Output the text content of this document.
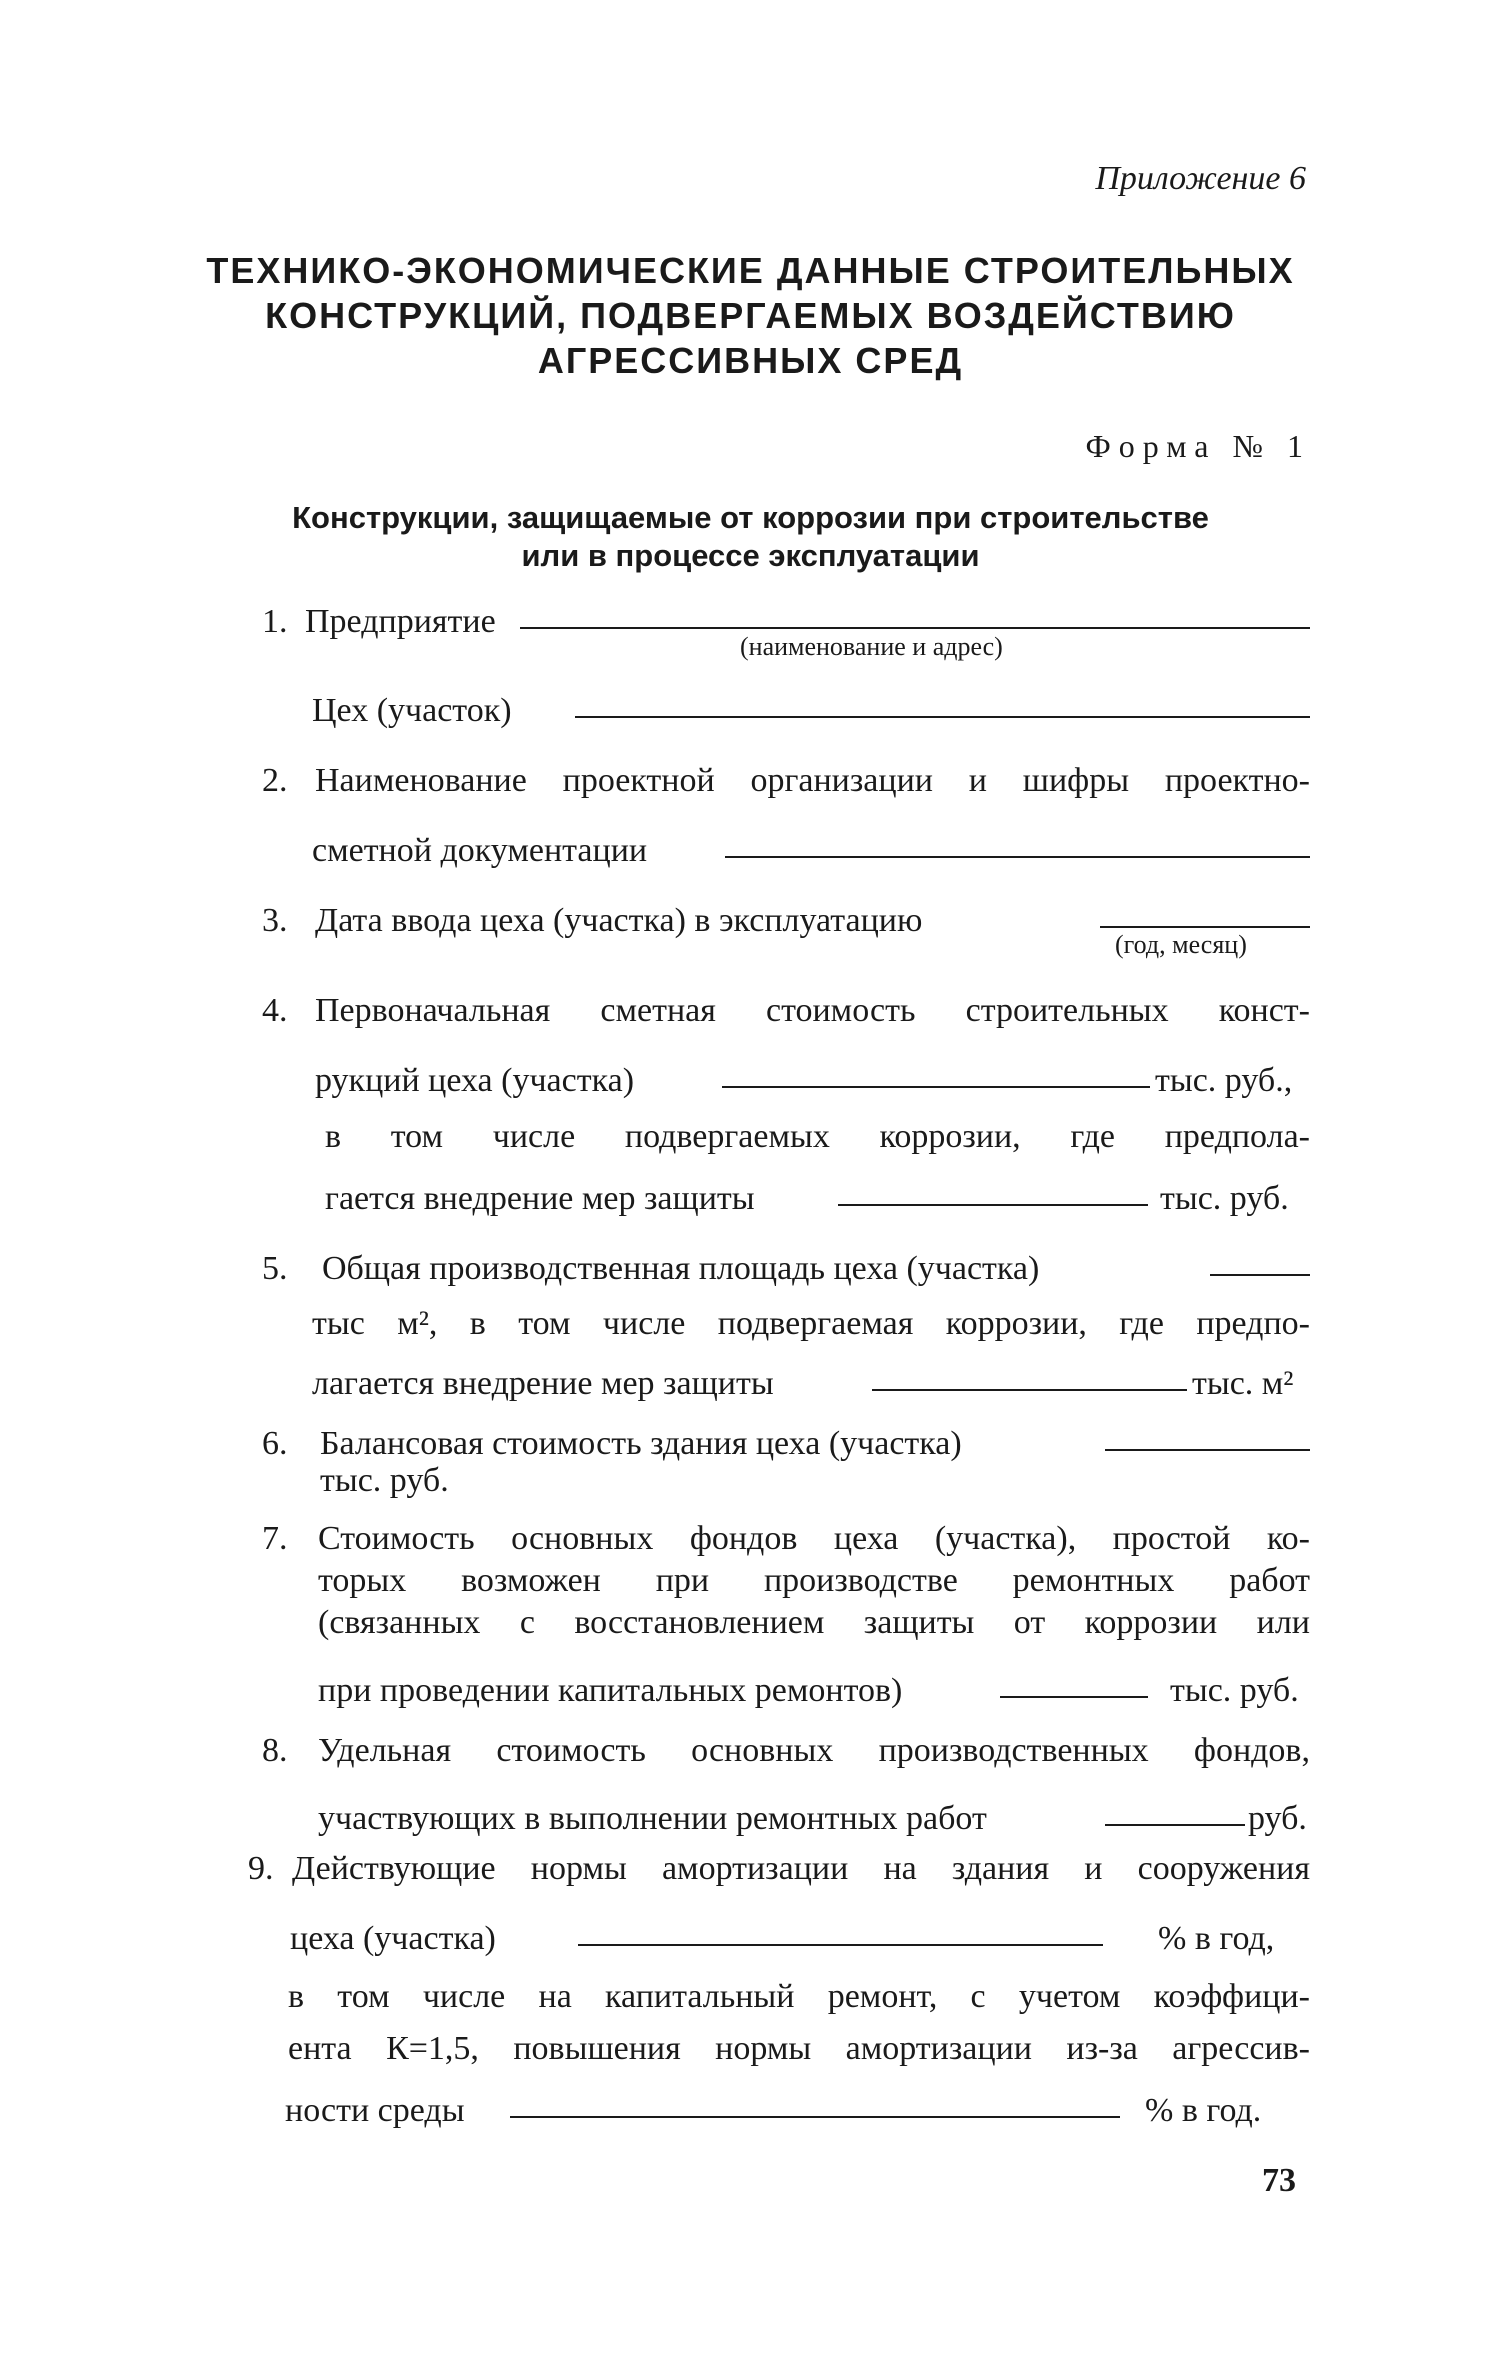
Приложение 6
ТЕХНИКО-ЭКОНОМИЧЕСКИЕ ДАННЫЕ СТРОИТЕЛЬНЫХ
КОНСТРУКЦИЙ, ПОДВЕРГАЕМЫХ ВОЗДЕЙСТВИЮ
АГРЕССИВНЫХ СРЕД
Форма № 1
Конструкции, защищаемые от коррозии при строительстве
или в процессе эксплуатации
1. Предприятие
(наименование и адрес)
Цех (участок)
2. Наименование проектной организации и шифры проектно-
сметной документации
3. Дата ввода цеха (участка) в эксплуатацию
(год, месяц)
4. Первоначальная сметная стоимость строительных конст-
рукций цеха (участка)	тыс. руб.,
в том числе подвергаемых коррозии, где предпола-
гается внедрение мер защиты	тыс. руб.
5. Общая производственная площадь цеха (участка)
тыс м², в том числе подвергаемая коррозии, где предпо-
лагается внедрение мер защиты	тыс. м²
6. Балансовая стоимость здания цеха (участка)
тыс. руб.
7. Стоимость основных фондов цеха (участка), простой ко-
торых возможен при производстве ремонтных работ
(связанных с восстановлением защиты от коррозии или
при проведении капитальных ремонтов)	тыс. руб.
8. Удельная стоимость основных производственных фондов,
участвующих в выполнении ремонтных работ	руб.
9. Действующие нормы амортизации на здания и сооружения
цеха (участка)	% в год,
в том числе на капитальный ремонт, с учетом коэффици-
ента К=1,5, повышения нормы амортизации из-за агрессив-
ности среды	% в год.
73
